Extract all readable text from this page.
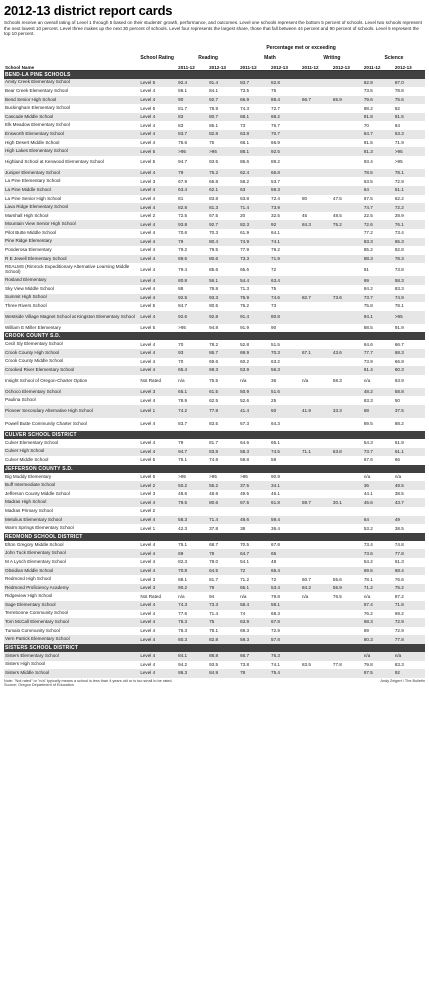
2012-13 district report cards
Schools receive an overall rating of Level 1 through 5 based on their students' growth, performance, and outcomes. Level one schools represent the bottom 5 percent of schools. Level two schools represent the next lowest 10 percent. Level three makes up the next 30 percent of schools. Level four represents the largest share, those that fall between 44 percent and 90 percent of schools. Level 5 represent the top 10 percent.
		Percentage met or exceeding							
	School Rating	Reading		Math		Writing		Science	
School Name		2011-12	2012-13	2011-12	2012-13	2011-12	2012-13	2011-12	2012-13
BEND-LA PINE SCHOOLS									
Amity Creek Elementary School	Level 5	92.4	91.4	83.7	82.8			82.8	87.0
Bear Creek Elementary School	Level 4	86.1	84.1	73.5	75			73.5	78.8
Bend Senior High School	Level 4	90	92.7	66.9	88.4	66.7	65.9	79.6	75.6
Buckingham Elementary School	Level 5	81.7	78.9	74.3	72.7			88.2	82
Cascade Middle School	Level 4	83	80.7	68.1	68.2			81.8	81.5
Elk Meadow Elementary School	Level 4	83	85.1	73	76.7			70	84
Ensworth Elementary School	Level 4	83.7	82.8	63.8	70.7			84.7	53.3
High Desert Middle School	Level 4	76.6	75	68.1	66.9			81.5	71.9
High Lakes Elementary School	Level 5	>95	>95	88.1	92.5			81.3	>95
Highland School at Kenwood Elementary School	Level 5	94.7	93.5	86.6	88.2			93.4	>95
Juniper Elementary School	Level 4	79	75.2	62.4	66.8			78.5	78.1
La Pine Elementary School	Level 3	67.9	66.8	58.2	53.7			63.5	72.9
La Pine Middle School	Level 4	63.4	62.1	63	59.3			64	51.1
La Pine Senior High School	Level 4	81	83.8	63.8	72.4	80	47.5	67.5	62.2
Lava Ridge Elementary School	Level 4	82.8	81.3	71.4	73.9			74.7	72.2
Marshall High School	Level 2	72.5	67.5	20	32.5	45	48.5	22.5	28.9
Mountain View Senior High School	Level 4	93.8	92.7	82.3	92	84.3	75.2	72.6	76.1
Pilot Butte Middle School	Level 4	70.6	70.3	61.9	64.1			77.2	73.4
Pine Ridge Elementary	Level 4	79	80.4	74.9	74.1			83.3	65.3
Ponderosa Elementary	Level 4	79.2	79.5	77.9	79.2			85.2	82.8
R E Jewell Elementary School	Level 4	89.6	80.6	73.3	71.9			88.3	78.3
REALMS (Rimrock Expeditionary Alternative Learning Middle School)	Level 4	79.4	85.6	65.6	72			81	73.8
Rosland Elementary	Level 4	80.8	56.1	54.4	63.4			69	58.3
Sky View Middle School	Level 4	88	78.8	71.3	75			84.2	83.3
Summit High School	Level 4	92.5	93.3	76.9	74.6	82.7	73.6	73.7	74.9
Three Rivers School	Level 5	84.7	80.5	76.2	73			75.8	78.1
Westside Village Magnet School at Kingston Elementary School	Level 4	92.6	92.8	91.4	80.8			94.1	>95
William E Miller Elementary	Level 5	>95	94.8	91.9	90			88.5	91.9
CROOK COUNTY S.D.									
Cecil Sly Elementary School	Level 4	70	78.2	52.8	51.5			64.6	66.7
Crook County High School	Level 4	93	86.7	69.9	70.3	67.1	43.6	77.7	68.3
Crook County Middle School	Level 4	70	69.6	60.2	63.2			73.9	66.9
Crooked River Elementary School	Level 4	65.4	69.3	53.9	56.3			61.4	60.3
Insight School of Oregon-Charter Option	Not Rated	n/a	75.5	n/a	36	n/a	58.3	n/a	63.9
Ochoco Elementary School	Level 3	65.1	61.5	50.9	51.6			48.2	58.8
Paulina School	Level 4	78.9	62.5	52.6	25			83.3	50
Pioneer Secondary Alternative High School	Level 1	74.2	77.8	41.4	50	41.9	33.3	68	37.5
Powell Butte Community Charter School	Level 4	83.7	83.5	67.3	64.3			89.5	88.2
CULVER SCHOOL DISTRICT									
Culver Elementary School	Level 4	79	81.7	64.6	65.1			54.3	61.9
Culver High School	Level 4	94.7	83.8	58.3	74.5	71.1	63.8	73.7	61.1
Culver Middle School	Level 5	75.1	74.8	59.8	59			67.6	66
JEFFERSON COUNTY S.D.									
Big Muddy Elementary	Level 5	>95	>95	>95	90.9			n/a	n/a
Buff Intermediate School	Level 2	50.2	55.2	37.5	34.1			36	49.5
Jefferson County Middle School	Level 3	48.6	48.8	49.5	46.1			44.1	38.5
Madras High School	Level 4	79.5	80.6	67.5	61.8	59.7	30.1	45.6	43.7
Madras Primary School	Level 2								
Metolius Elementary School	Level 4	58.3	71.4	48.6	59.4			64	49
Warm Springs Elementary School	Level 1	42.3	37.8	38	36.4			53.2	38.5
REDMOND SCHOOL DISTRICT									
Elton Gregory Middle School	Level 4	75.1	68.7	70.5	67.8			73.4	74.8
John Tuck Elementary School	Level 4	69	78	64.7	65			73.6	77.8
M A Lynch Elementary School	Level 4	82.3	78.0	54.1	48			54.2	61.3
Obsidian Middle School	Level 4	70.8	64.5	72	65.4			69.5	68.4
Redmond High School	Level 3	88.1	81.7	71.2	72	60.7	55.6	78.1	76.6
Redmond Proficiency Academy	Level 3	90.2	79	65.1	53.4	84.2	55.9	71.2	75.2
Ridgeview High School	Not Rated	n/a	94	n/a	79.8	n/a	76.5	n/a	87.2
Sage Elementary School	Level 4	74.3	73.3	58.4	58.1			67.4	71.8
Terrebonne Community School	Level 4	77.6	71.4	74	68.3			76.2	69.2
Tom McCall Elementary School	Level 4	76.3	75	63.9	67.8			68.3	72.9
Tumalo Community School	Level 4	78.3	78.1	69.3	72.9			69	72.9
Vern Patrick Elementary School	Level 4	80.3	82.8	59.3	57.8			80.3	77.8
SISTERS SCHOOL DISTRICT									
Sisters Elementary School	Level 4	84.1	88.8	66.7	76.3			n/a	n/a
Sisters High School	Level 4	94.2	93.5	73.8	74.1	83.5	77.8	79.8	83.3
Sisters Middle School	Level 4	86.3	84.9	78	75.4			87.5	92
Note: "Not rated" or "n/a" typically means a school is less than 4 years old or is too small to be rated.	Andy Zeigert / The Bulletin
Source: Oregon Department of Education
